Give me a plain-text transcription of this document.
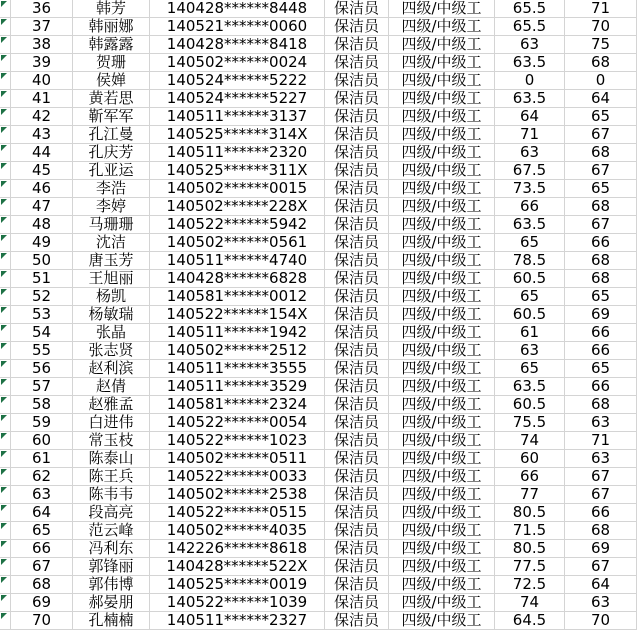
36	韩芳	140428******8448	保洁员	四级/中级工	65.5	71
37	韩丽娜	140521******0060	保洁员	四级/中级工	65.5	70
38	韩露露	140428******8418	保洁员	四级/中级工	63	75
39	贺珊	140502******0024	保洁员	四级/中级工	63.5	68
40	侯婵	140524******5222	保洁员	四级/中级工	0	0
41	黄若思	140524******5227	保洁员	四级/中级工	63.5	64
42	靳军军	140511******3137	保洁员	四级/中级工	64	65
43	孔江曼	140525******314X	保洁员	四级/中级工	71	67
44	孔庆芳	140511******2320	保洁员	四级/中级工	63	68
45	孔亚运	140525******311X	保洁员	四级/中级工	67.5	67
46	李浩	140502******0015	保洁员	四级/中级工	73.5	65
47	李婷	140502******228X	保洁员	四级/中级工	66	68
48	马珊珊	140522******5942	保洁员	四级/中级工	63.5	67
49	沈洁	140502******0561	保洁员	四级/中级工	65	66
50	唐玉芳	140511******4740	保洁员	四级/中级工	78.5	68
51	王旭丽	140428******6828	保洁员	四级/中级工	60.5	68
52	杨凯	140581******0012	保洁员	四级/中级工	65	65
53	杨敏瑞	140522******154X	保洁员	四级/中级工	60.5	69
54	张晶	140511******1942	保洁员	四级/中级工	61	66
55	张志贤	140502******2512	保洁员	四级/中级工	63	66
56	赵利滨	140511******3555	保洁员	四级/中级工	65	65
57	赵倩	140511******3529	保洁员	四级/中级工	63.5	66
58	赵雅孟	140581******2324	保洁员	四级/中级工	60.5	68
59	白进伟	140522******0054	保洁员	四级/中级工	75.5	63
60	常玉枝	140522******1023	保洁员	四级/中级工	74	71
61	陈泰山	140502******0511	保洁员	四级/中级工	60	63
62	陈王兵	140522******0033	保洁员	四级/中级工	66	67
63	陈韦韦	140502******2538	保洁员	四级/中级工	77	67
64	段高亮	140522******0515	保洁员	四级/中级工	80.5	66
65	范云峰	140502******4035	保洁员	四级/中级工	71.5	68
66	冯利东	142226******8618	保洁员	四级/中级工	80.5	69
67	郭锋丽	140428******522X	保洁员	四级/中级工	77.5	67
68	郭伟博	140525******0019	保洁员	四级/中级工	72.5	64
69	郝晏朋	140522******1039	保洁员	四级/中级工	74	63
70	孔楠楠	140511******2327	保洁员	四级/中级工	64.5	70
